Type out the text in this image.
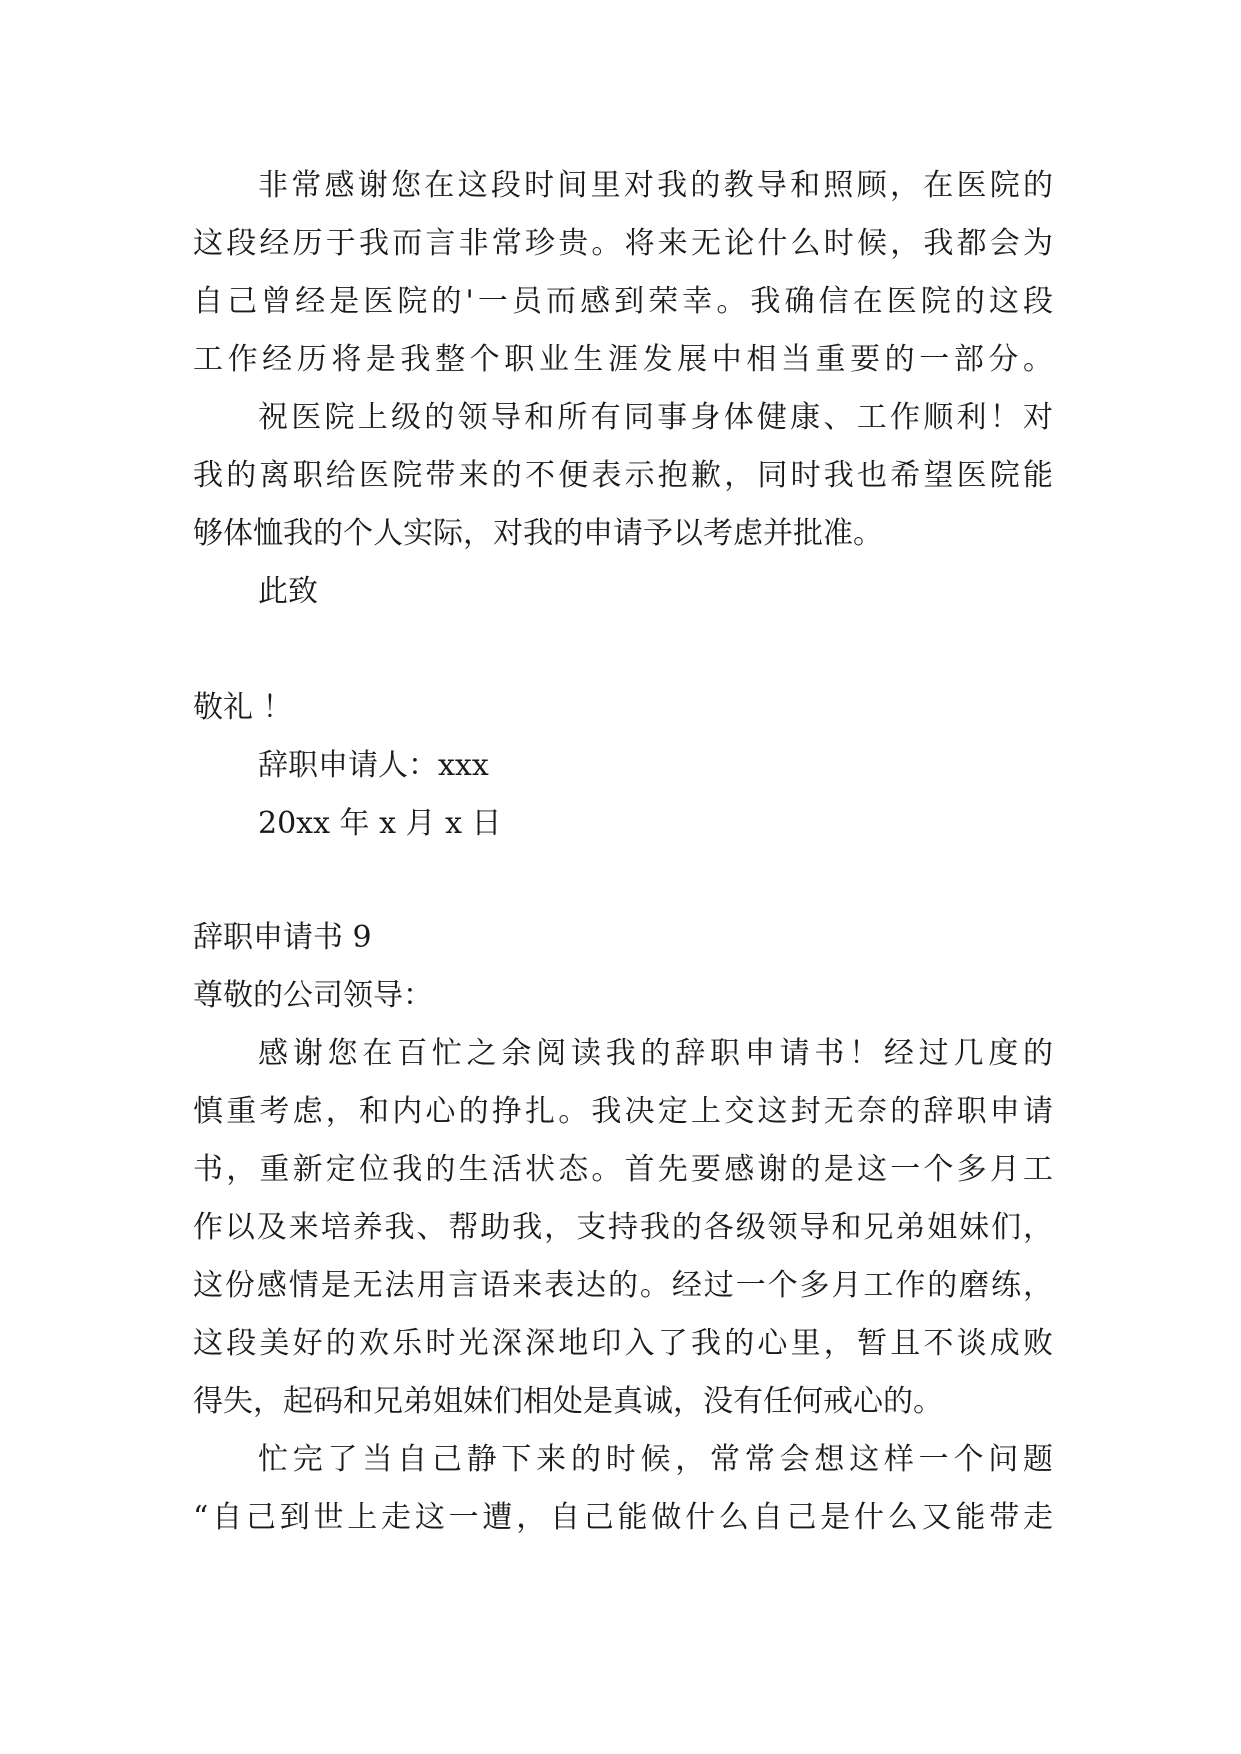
非常感谢您在这段时间里对我的教导和照顾，在医院的

这段经历于我而言非常珍贵。将来无论什么时候，我都会为

自己曾经是医院的'一员而感到荣幸。我确信在医院的这段

工作经历将是我整个职业生涯发展中相当重要的一部分。

祝医院上级的领导和所有同事身体健康、工作顺利！对

我的离职给医院带来的不便表示抱歉，同时我也希望医院能

够体恤我的个人实际，对我的申请予以考虑并批准。

此致

敬礼 ！

辞职申请人：xxx

20xx 年 x 月 x 日

辞职申请书 9

尊敬的公司领导：

感谢您在百忙之余阅读我的辞职申请书！经过几度的

慎重考虑，和内心的挣扎。我决定上交这封无奈的辞职申请

书，重新定位我的生活状态。首先要感谢的是这一个多月工

作以及来培养我、帮助我，支持我的各级领导和兄弟姐妹们，

这份感情是无法用言语来表达的。经过一个多月工作的磨练，

这段美好的欢乐时光深深地印入了我的心里，暂且不谈成败

得失，起码和兄弟姐妹们相处是真诚，没有任何戒心的。

忙完了当自己静下来的时候，常常会想这样一个问题

“自己到世上走这一遭，自己能做什么自己是什么又能带走
